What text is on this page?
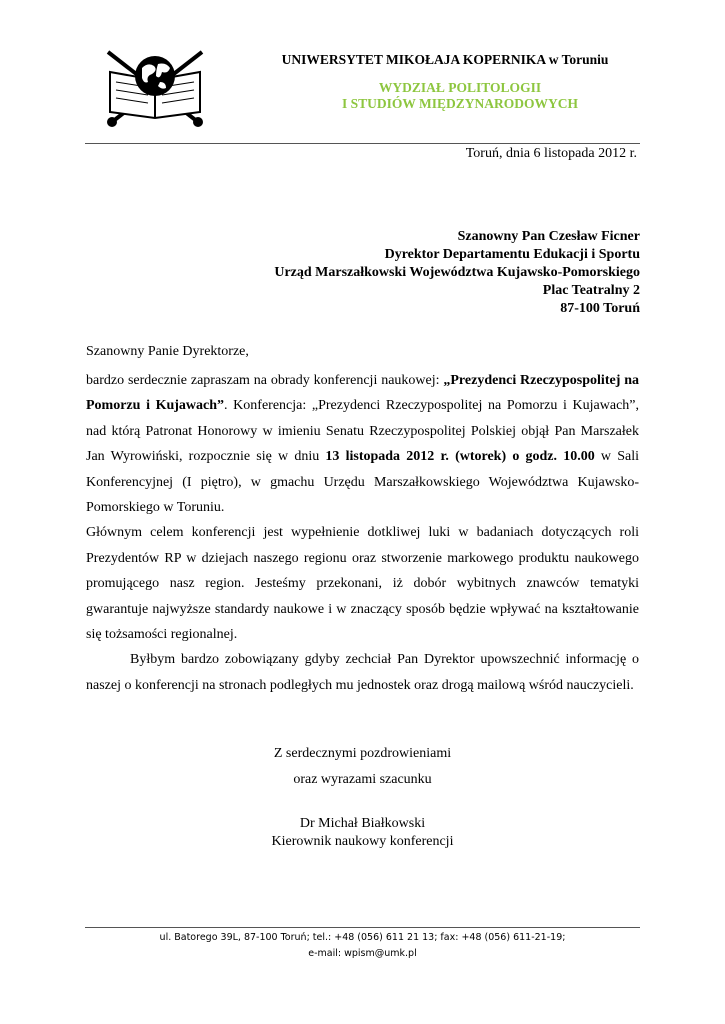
UNIWERSYTET MIKOŁAJA KOPERNIKA w Toruniu
WYDZIAŁ POLITOLOGII
I STUDIÓW MIĘDZYNARODOWYCH
Toruń, dnia 6 listopada 2012 r.
Szanowny Pan Czesław Ficner
Dyrektor Departamentu Edukacji i Sportu
Urząd Marszałkowski Województwa Kujawsko-Pomorskiego
Plac Teatralny 2
87-100 Toruń
Szanowny Panie Dyrektorze,

bardzo serdecznie zapraszam na obrady konferencji naukowej: „Prezydenci Rzeczypospolitej na Pomorzu i Kujawach”. Konferencja: „Prezydenci Rzeczypospolitej na Pomorzu i Kujawach”, nad którą Patronat Honorowy w imieniu Senatu Rzeczypospolitej Polskiej objął Pan Marszałek Jan Wyrowiński, rozpocznie się w dniu 13 listopada 2012 r. (wtorek) o godz. 10.00 w Sali Konferencyjnej (I piętro), w gmachu Urzędu Marszałkowskiego Województwa Kujawsko-Pomorskiego w Toruniu.

Głównym celem konferencji jest wypełnienie dotkliwej luki w badaniach dotyczących roli Prezydentów RP w dziejach naszego regionu oraz stworzenie markowego produktu naukowego promującego nasz region. Jesteśmy przekonani, iż dobór wybitnych znawców tematyki gwarantuje najwyższe standardy naukowe i w znaczący sposób będzie wpływać na kształtowanie się tożsamości regionalnej.

Byłbym bardzo zobowiązany gdyby zechciał Pan Dyrektor upowszechnić informację o naszej o konferencji na stronach podległych mu jednostek oraz drogą mailową wśród nauczycieli.

Z serdecznymi pozdrowieniami
oraz wyrazami szacunku
Dr Michał Białkowski
Kierownik naukowy konferencji
ul. Batorego 39L, 87-100 Toruń; tel.: +48 (056) 611 21 13; fax: +48 (056) 611-21-19;
e-mail: wpism@umk.pl
